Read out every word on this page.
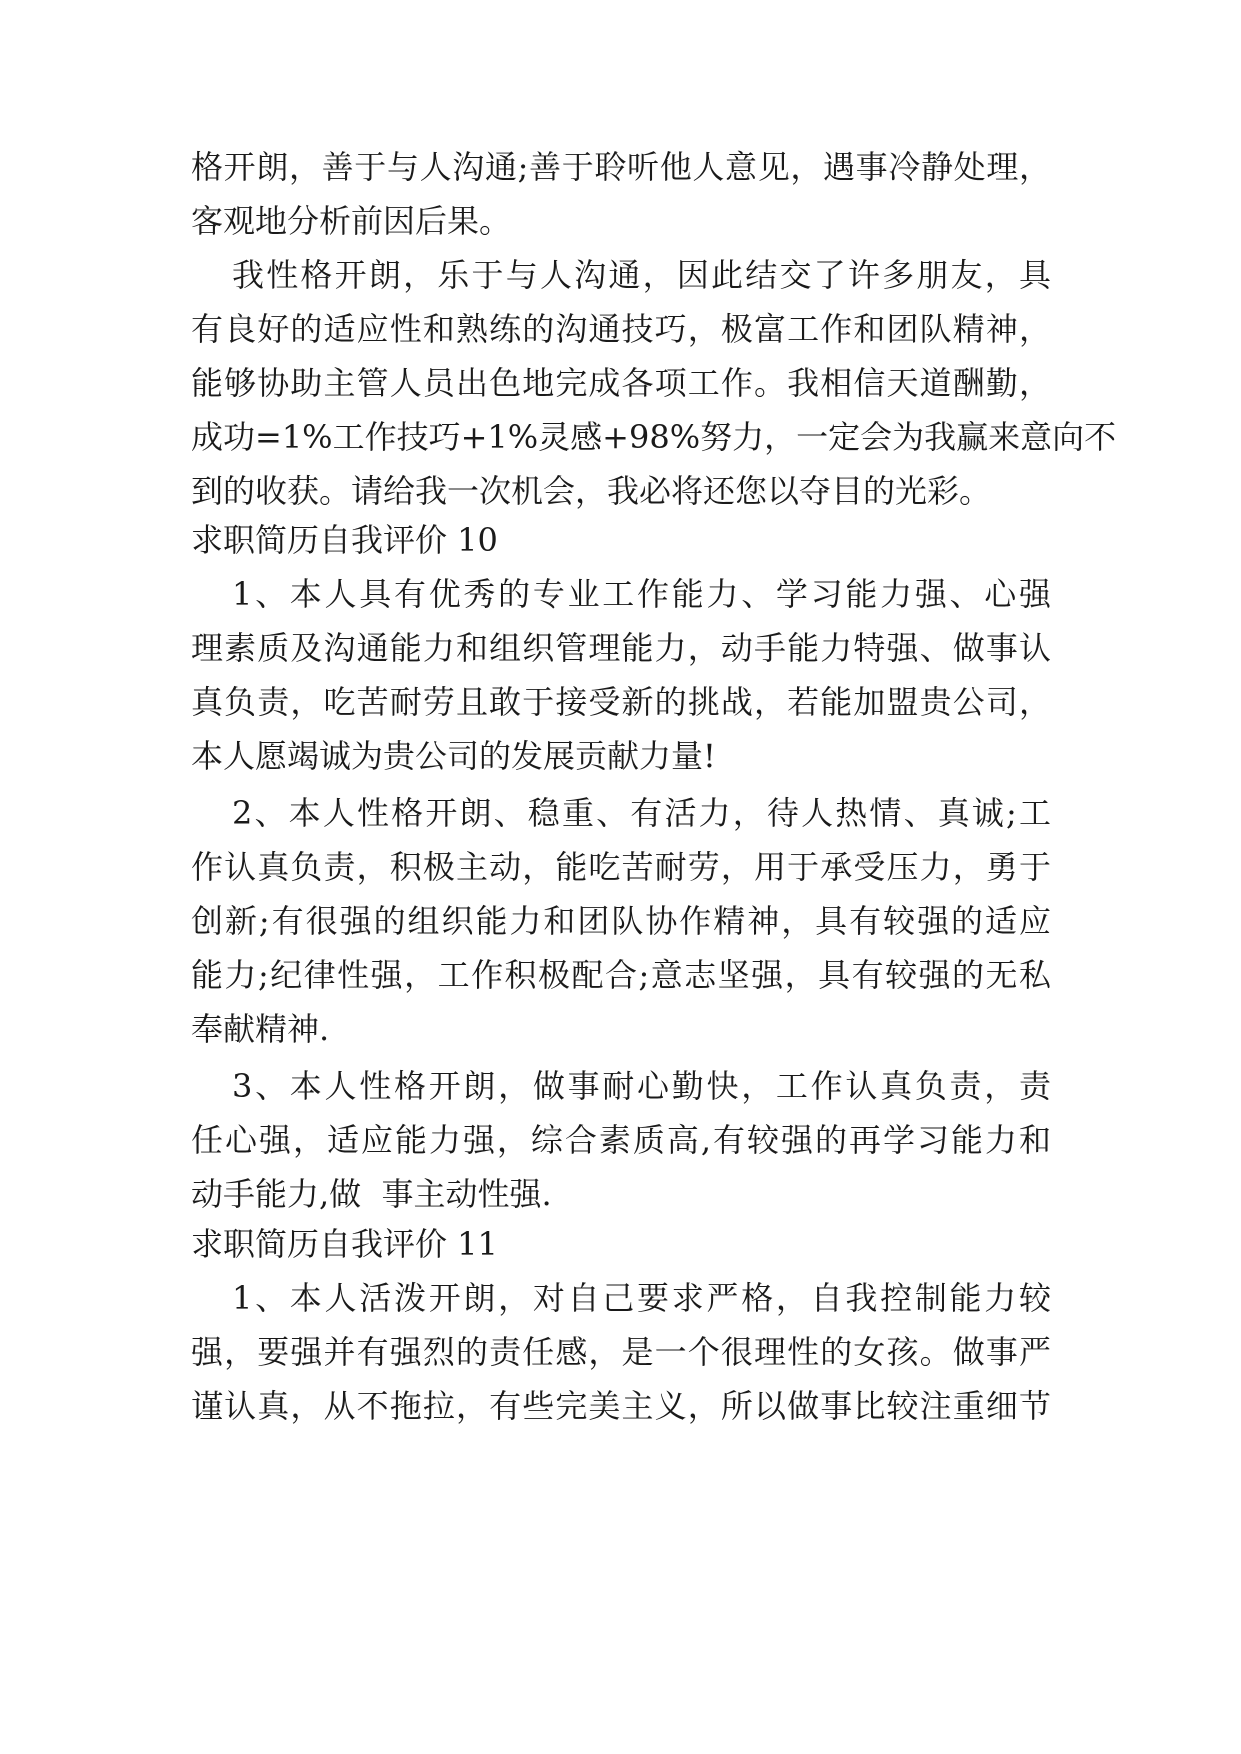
格开朗，善于与人沟通;善于聆听他人意见，遇事冷静处理，
客观地分析前因后果。
我性格开朗，乐于与人沟通，因此结交了许多朋友，具
有良好的适应性和熟练的沟通技巧，极富工作和团队精神，
能够协助主管人员出色地完成各项工作。我相信天道酬勤，
成功=1%工作技巧+1%灵感+98%努力，一定会为我赢来意向不
到的收获。请给我一次机会，我必将还您以夺目的光彩。
求职简历自我评价 10
1、本人具有优秀的专业工作能力、学习能力强、心强
理素质及沟通能力和组织管理能力，动手能力特强、做事认
真负责，吃苦耐劳且敢于接受新的挑战，若能加盟贵公司，
本人愿竭诚为贵公司的发展贡献力量!
2、本人性格开朗、稳重、有活力，待人热情、真诚;工
作认真负责，积极主动，能吃苦耐劳，用于承受压力，勇于
创新;有很强的组织能力和团队协作精神，具有较强的适应
能力;纪律性强，工作积极配合;意志坚强，具有较强的无私
奉献精神.
3、本人性格开朗，做事耐心勤快，工作认真负责，责
任心强，适应能力强，综合素质高,有较强的再学习能力和
动手能力,做  事主动性强.
求职简历自我评价 11
1、本人活泼开朗，对自己要求严格，自我控制能力较
强，要强并有强烈的责任感，是一个很理性的女孩。做事严
谨认真，从不拖拉，有些完美主义，所以做事比较注重细节
